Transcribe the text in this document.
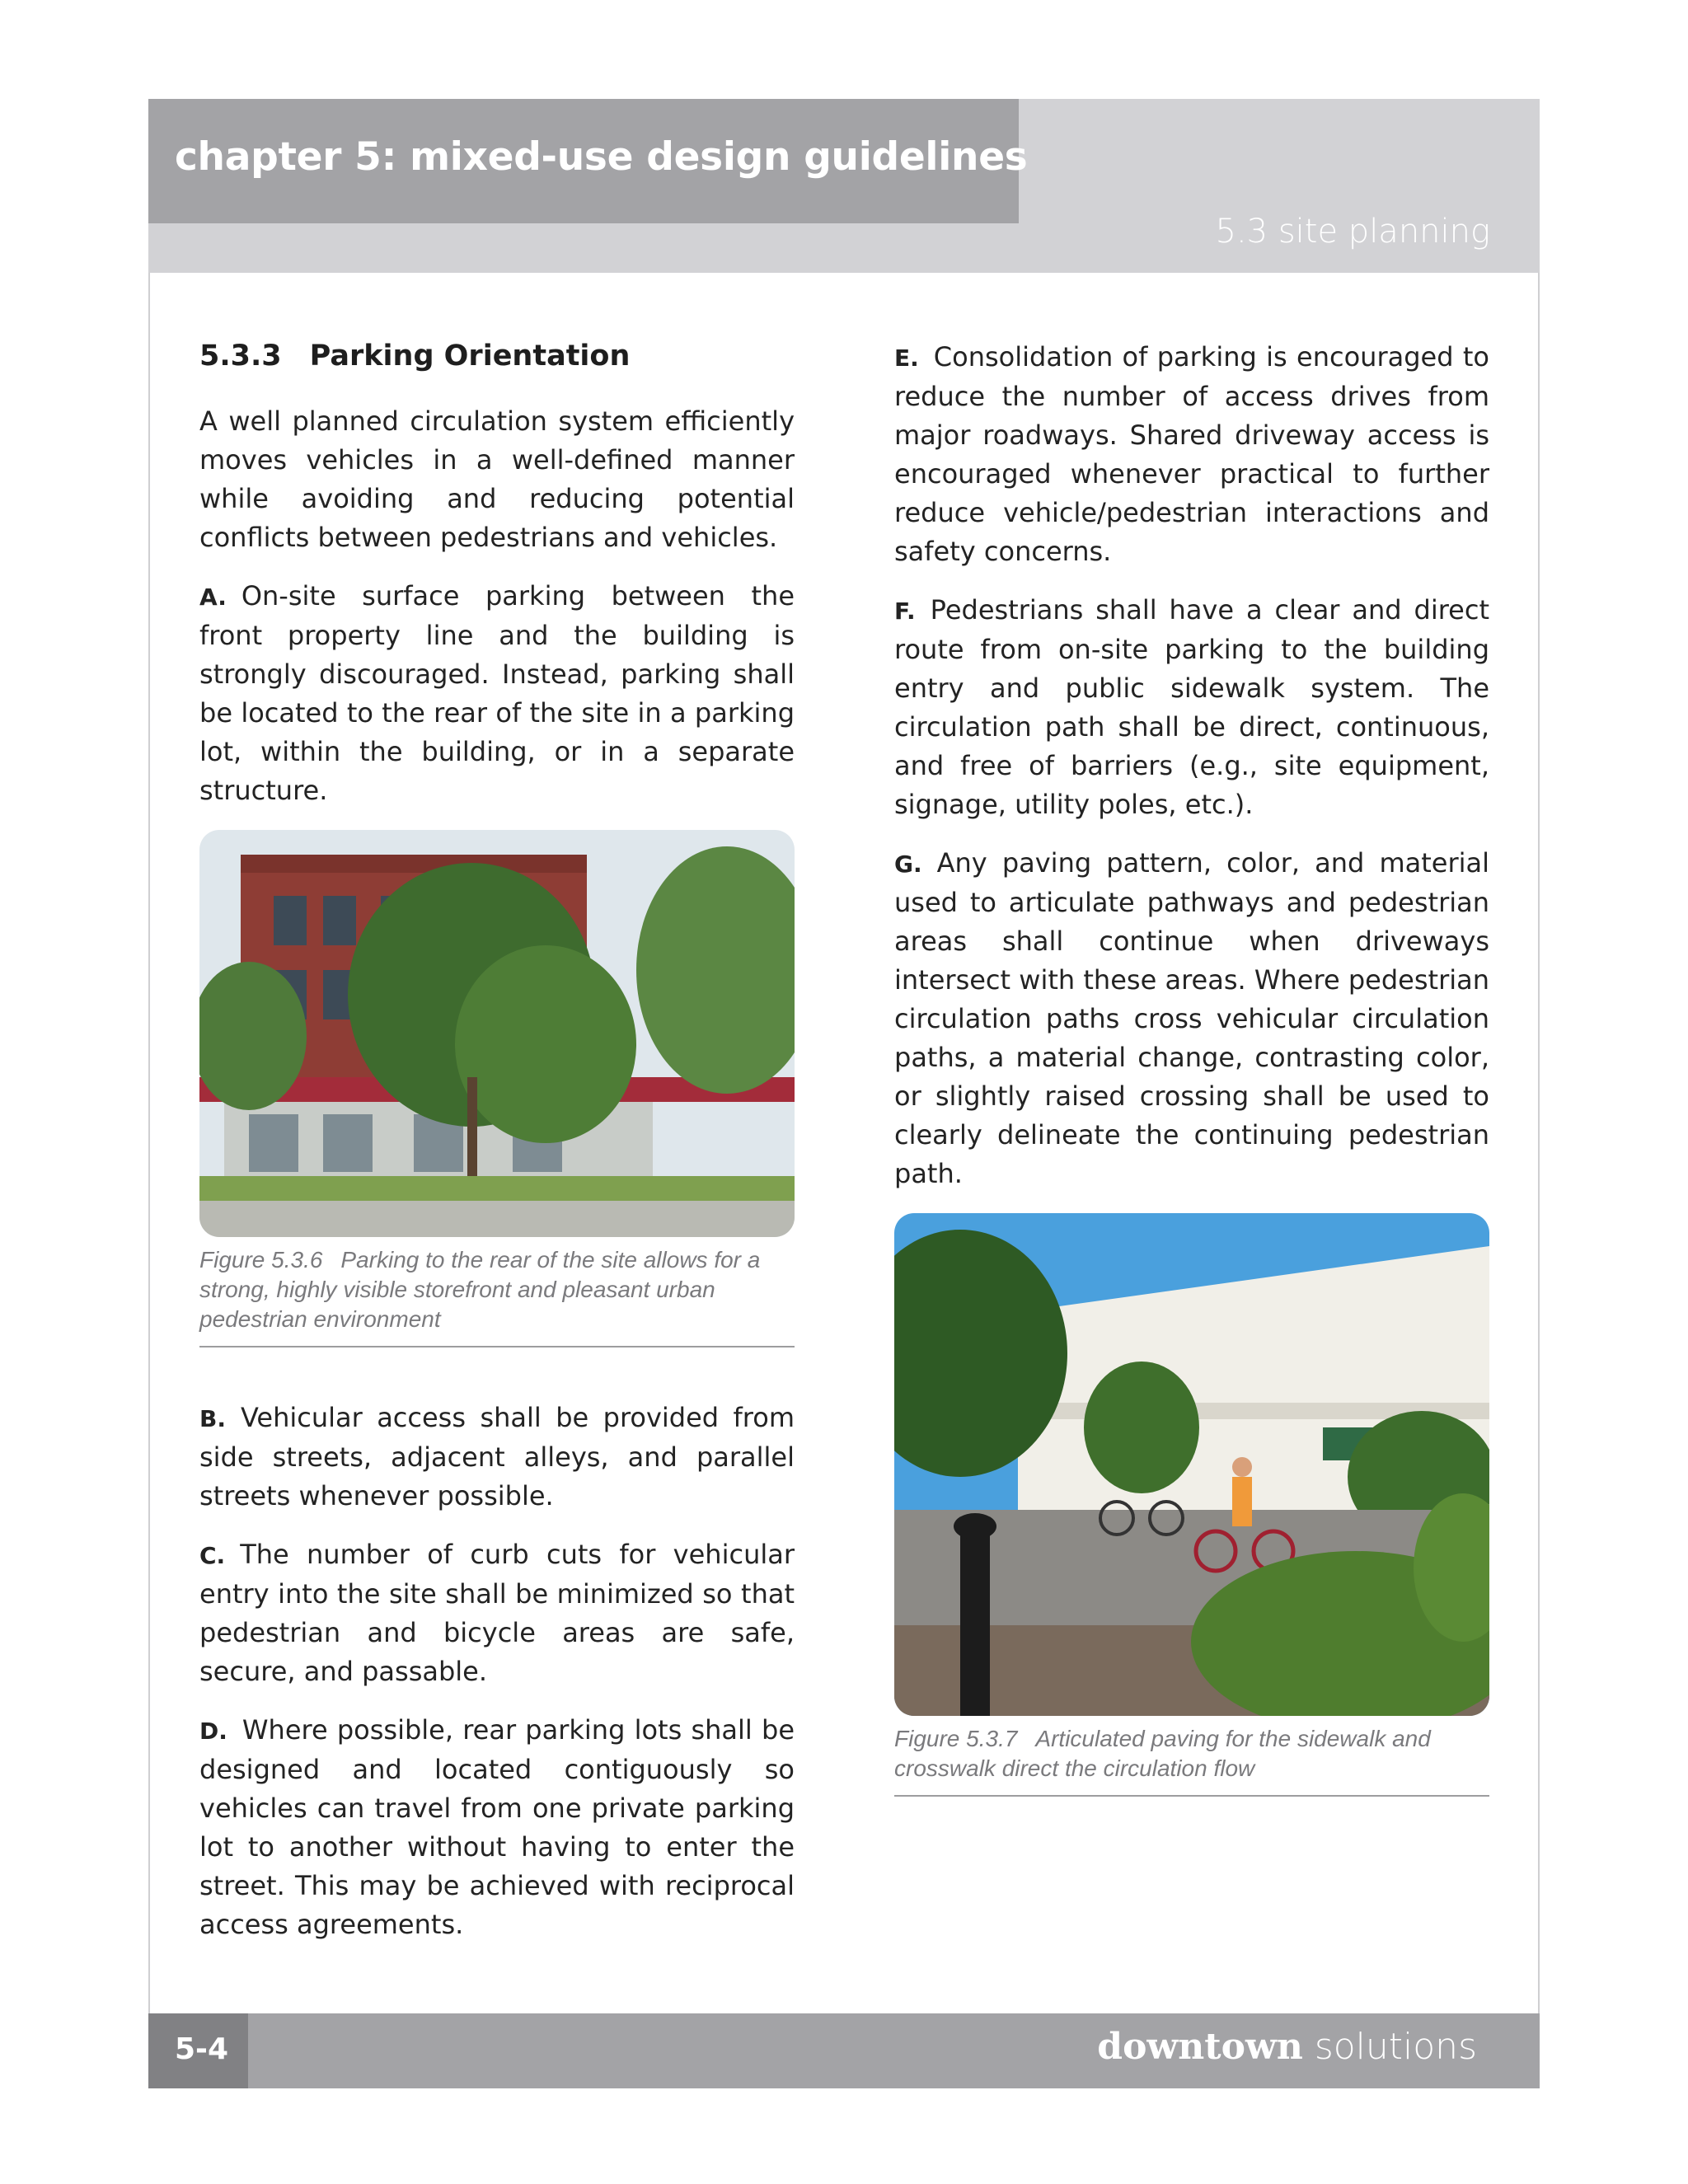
chapter 5: mixed-use design guidelines
5.3 site planning
5.3.3 Parking Orientation

A well planned circulation system efficiently moves vehicles in a well-defined manner while avoiding and reducing potential conflicts between pedestrians and vehicles.

A. On-site surface parking between the front property line and the building is strongly discouraged. Instead, parking shall be located to the rear of the site in a parking lot, within the building, or in a separate structure.

Figure 5.3.6 Parking to the rear of the site allows for a strong, highly visible storefront and pleasant urban pedestrian environment

B. Vehicular access shall be provided from side streets, adjacent alleys, and parallel streets whenever possible.

C. The number of curb cuts for vehicular entry into the site shall be minimized so that pedestrian and bicycle areas are safe, secure, and passable.

D. Where possible, rear parking lots shall be designed and located contiguously so vehicles can travel from one private parking lot to another without having to enter the street. This may be achieved with reciprocal access agreements.

E. Consolidation of parking is encouraged to reduce the number of access drives from major roadways. Shared driveway access is encouraged whenever practical to further reduce vehicle/pedestrian interactions and safety concerns.

F. Pedestrians shall have a clear and direct route from on-site parking to the building entry and public sidewalk system. The circulation path shall be direct, continuous, and free of barriers (e.g., site equipment, signage, utility poles, etc.).

G. Any paving pattern, color, and material used to articulate pathways and pedestrian areas shall continue when driveways intersect with these areas. Where pedestrian circulation paths cross vehicular circulation paths, a material change, contrasting color, or slightly raised crossing shall be used to clearly delineate the continuing pedestrian path.

Figure 5.3.7 Articulated paving for the sidewalk and crosswalk direct the circulation flow
5-4	downtown solutions
